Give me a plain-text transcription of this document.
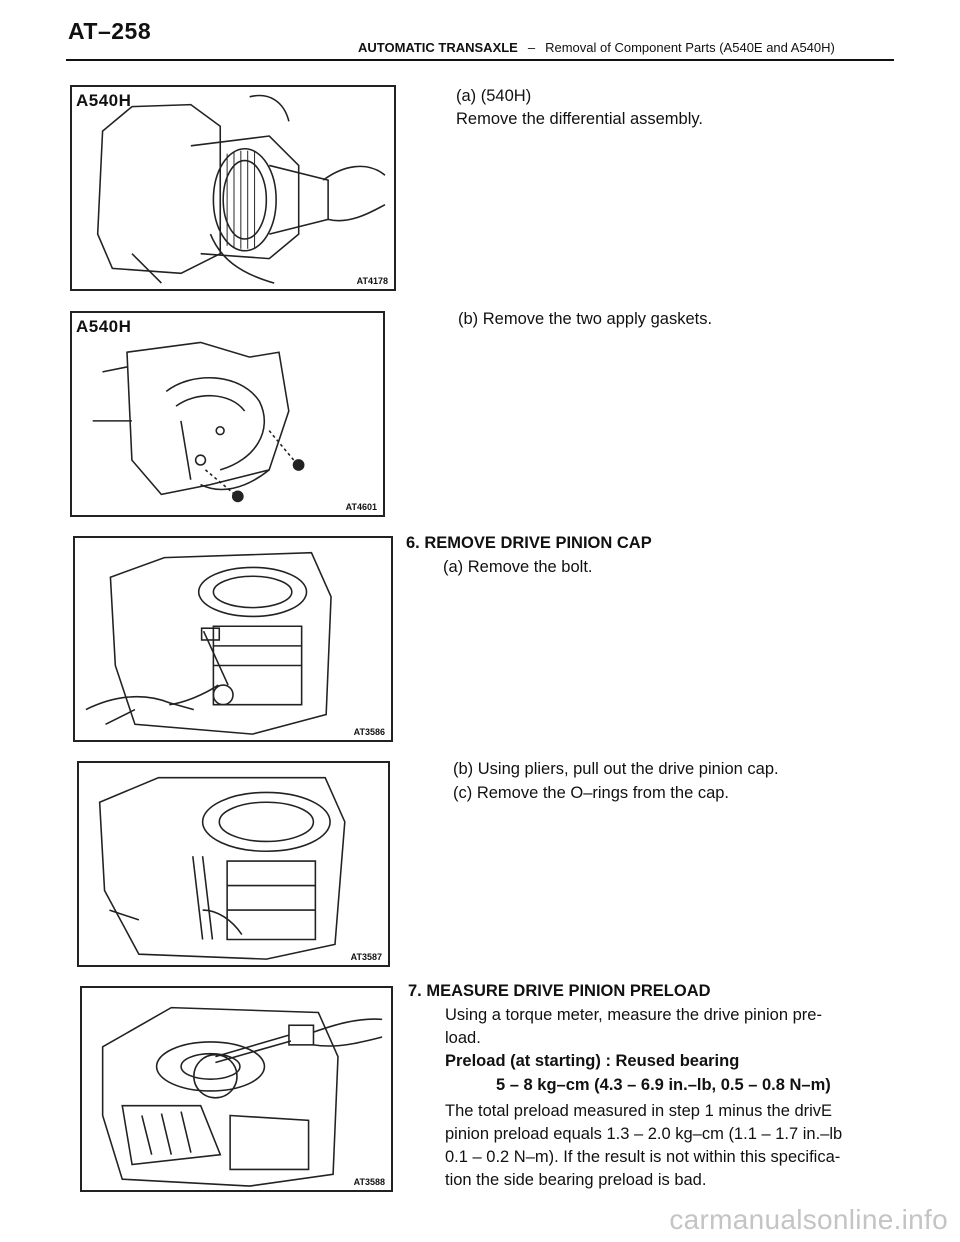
AT–258
AUTOMATIC TRANSAXLE – Removal of Component Parts (A540E and A540H)
A540H
AT4178
A540H
AT4601
AT3586
AT3587
AT3588
(a) (540H)
Remove the differential assembly.
(b) Remove the two apply gaskets.
6. REMOVE DRIVE PINION CAP
(a) Remove the bolt.
(b) Using pliers, pull out the drive pinion cap.
(c) Remove the O–rings from the cap.
7. MEASURE DRIVE PINION PRELOAD
Using a torque meter, measure the drive pinion pre-
load.
Preload (at starting) : Reused bearing
5 – 8 kg–cm (4.3 – 6.9 in.–lb, 0.5 – 0.8 N–m)
The total preload measured in step 1 minus the drivE
pinion preload equals 1.3 – 2.0 kg–cm (1.1 – 1.7 in.–lb
0.1 – 0.2 N–m). If the result is not within this specifica-
tion the side bearing preload is bad.
carmanualsonline.info
